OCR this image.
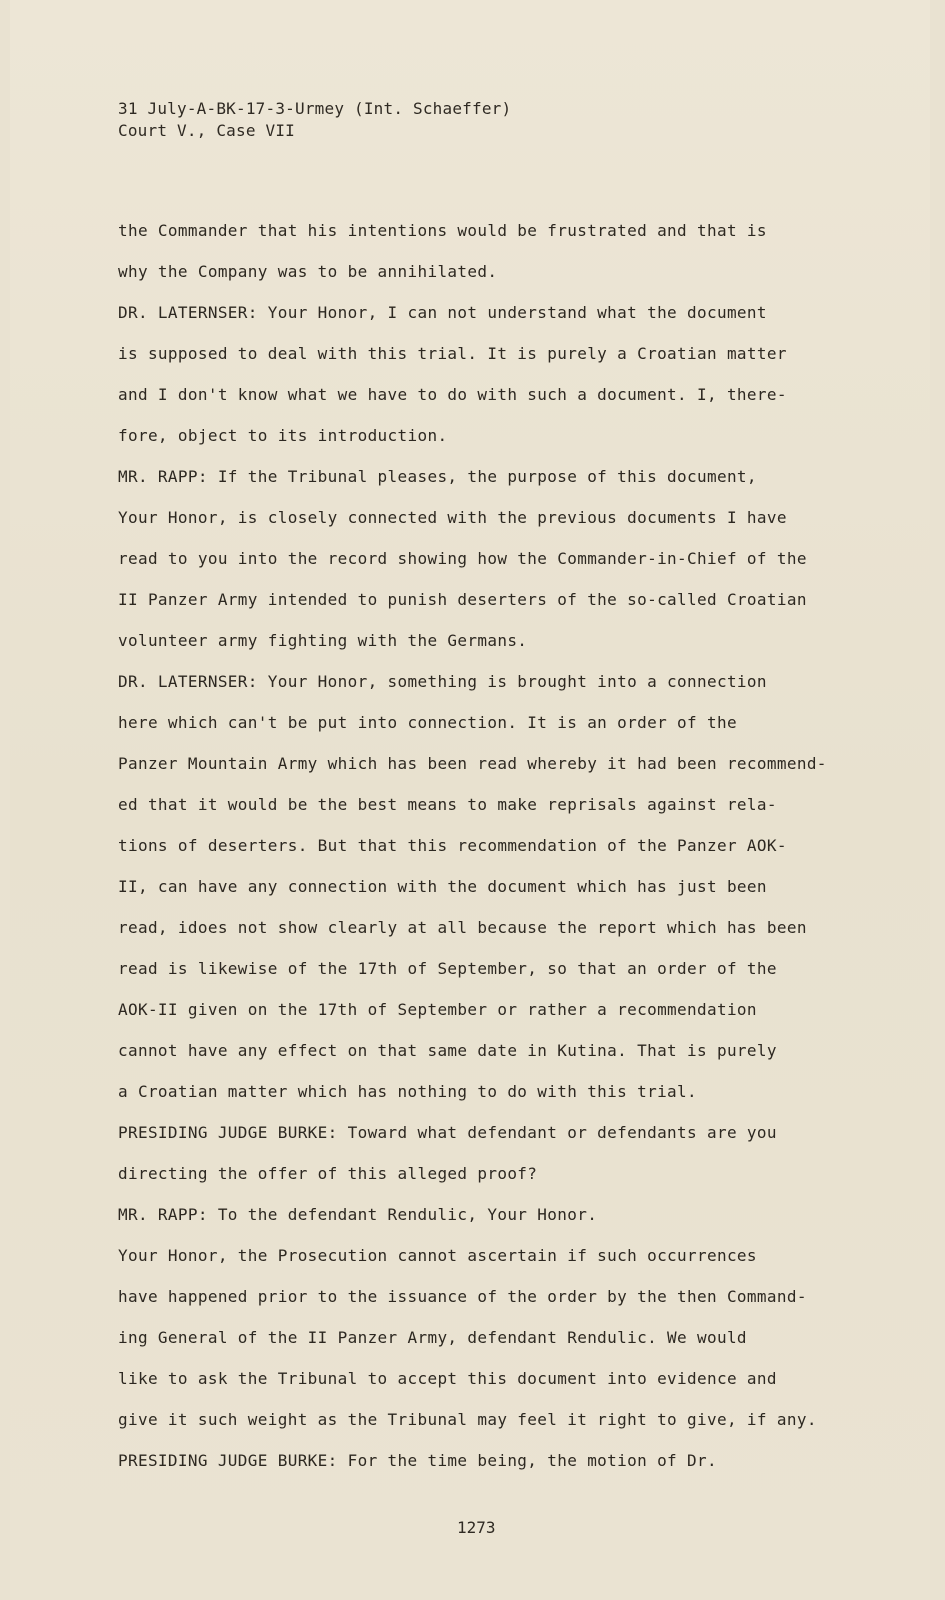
31 July-A-BK-17-3-Urmey (Int. Schaeffer)
Court V., Case VII
the Commander that his intentions would be frustrated and that is
why the Company was to be annihilated.
DR. LATERNSER: Your Honor, I can not understand what the document
is supposed to deal with this trial. It is purely a Croatian matter
and I don't know what we have to do with such a document. I, there-
fore, object to its introduction.
MR. RAPP: If the Tribunal pleases, the purpose of this document,
Your Honor, is closely connected with the previous documents I have
read to you into the record showing how the Commander-in-Chief of the
II Panzer Army intended to punish deserters of the so-called Croatian
volunteer army fighting with the Germans.
DR. LATERNSER: Your Honor, something is brought into a connection
here which can't be put into connection. It is an order of the
Panzer Mountain Army which has been read whereby it had been recommend-
ed that it would be the best means to make reprisals against rela-
tions of deserters. But that this recommendation of the Panzer AOK-
II, can have any connection with the document which has just been
read, idoes not show clearly at all because the report which has been
read is likewise of the 17th of September, so that an order of the
AOK-II given on the 17th of September or rather a recommendation
cannot have any effect on that same date in Kutina. That is purely
a Croatian matter which has nothing to do with this trial.
PRESIDING JUDGE BURKE: Toward what defendant or defendants are you
directing the offer of this alleged proof?
MR. RAPP: To the defendant Rendulic, Your Honor.
Your Honor, the Prosecution cannot ascertain if such occurrences
have happened prior to the issuance of the order by the then Command-
ing General of the II Panzer Army, defendant Rendulic. We would
like to ask the Tribunal to accept this document into evidence and
give it such weight as the Tribunal may feel it right to give, if any.
PRESIDING JUDGE BURKE: For the time being, the motion of Dr.
1273
